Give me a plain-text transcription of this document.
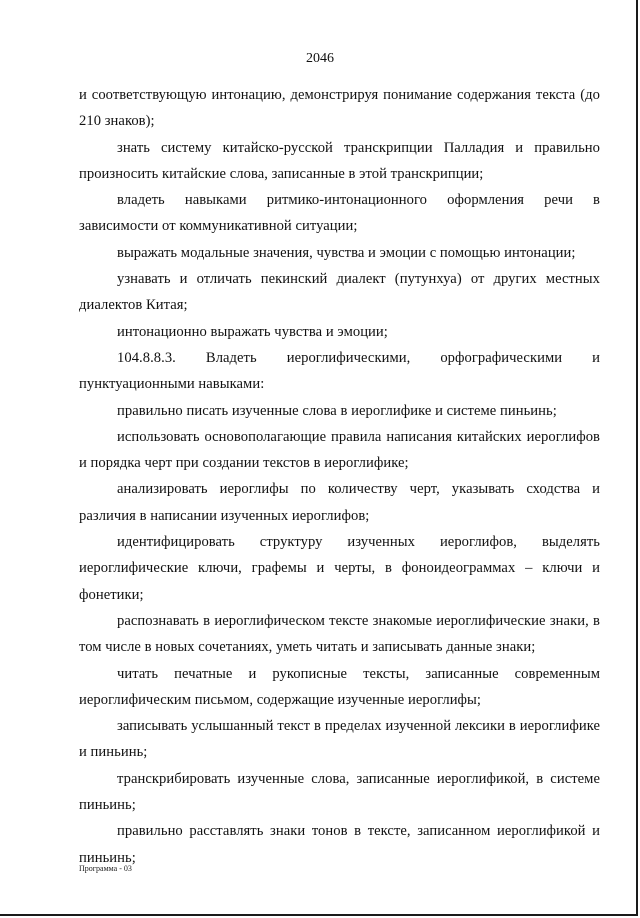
2046

и соответствующую интонацию, демонстрируя понимание содержания текста (до 210 знаков);

знать систему китайско-русской транскрипции Палладия и правильно произносить китайские слова, записанные в этой транскрипции;

владеть навыками ритмико-интонационного оформления речи в зависимости от коммуникативной ситуации;

выражать модальные значения, чувства и эмоции с помощью интонации;

узнавать и отличать пекинский диалект (путунхуа) от других местных диалектов Китая;

интонационно выражать чувства и эмоции;

104.8.8.3. Владеть иероглифическими, орфографическими и пунктуационными навыками:

правильно писать изученные слова в иероглифике и системе пиньинь;

использовать основополагающие правила написания китайских иероглифов и порядка черт при создании текстов в иероглифике;

анализировать иероглифы по количеству черт, указывать сходства и различия в написании изученных иероглифов;

идентифицировать структуру изученных иероглифов, выделять иероглифические ключи, графемы и черты, в фоноидеограммах – ключи и фонетики;

распознавать в иероглифическом тексте знакомые иероглифические знаки, в том числе в новых сочетаниях, уметь читать и записывать данные знаки;

читать печатные и рукописные тексты, записанные современным иероглифическим письмом, содержащие изученные иероглифы;

записывать услышанный текст в пределах изученной лексики в иероглифике и пиньинь;

транскрибировать изученные слова, записанные иероглификой, в системе пиньинь;

правильно расставлять знаки тонов в тексте, записанном иероглификой и пиньинь;

Программа - 03
